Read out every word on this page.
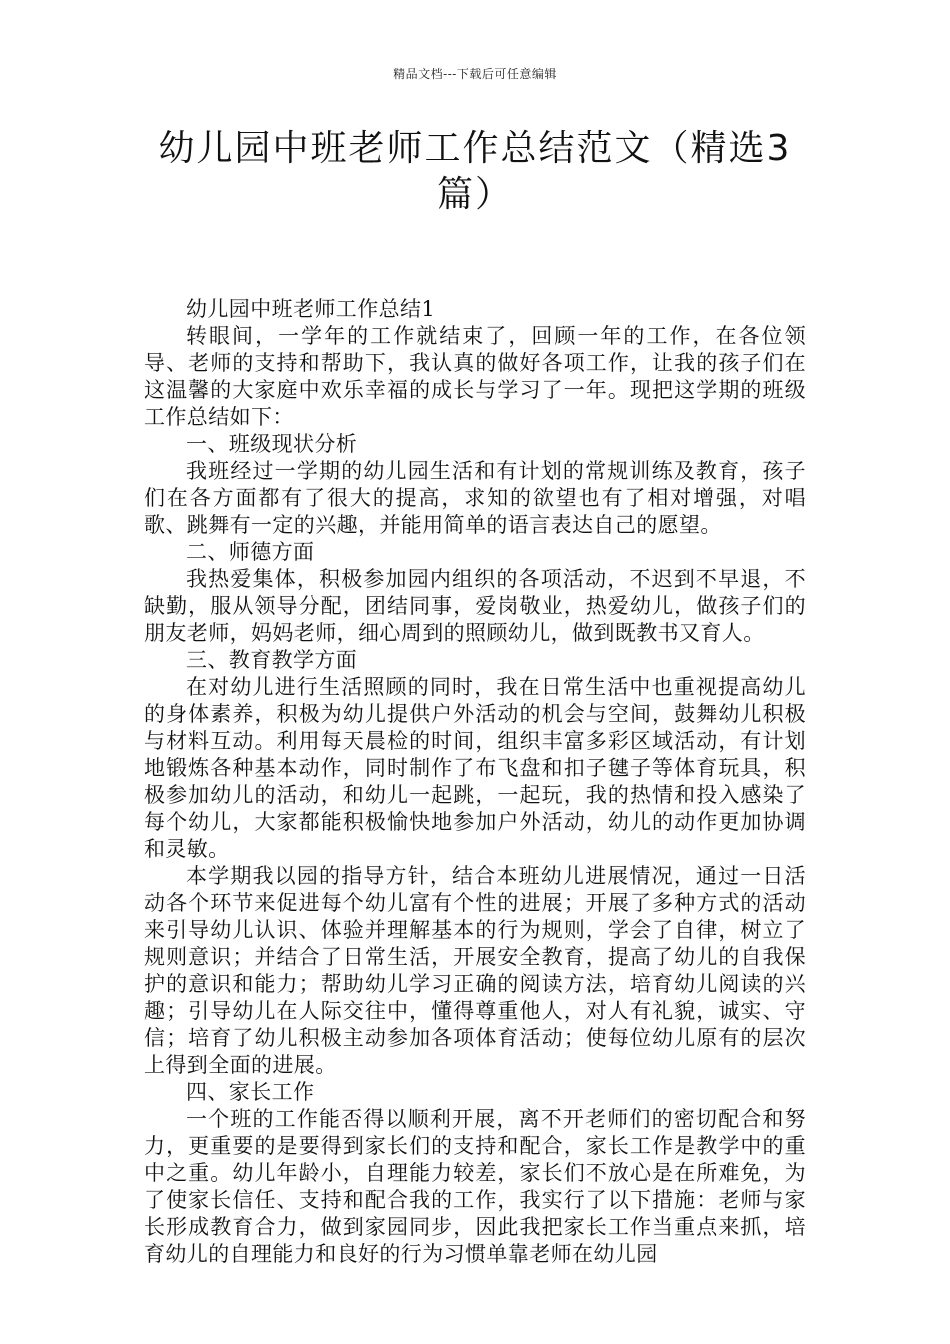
精品文档---下载后可任意编辑
幼儿园中班老师工作总结范文（精选3篇）

幼儿园中班老师工作总结1

转眼间，一学年的工作就结束了，回顾一年的工作，在各位领导、老师的支持和帮助下，我认真的做好各项工作，让我的孩子们在这温馨的大家庭中欢乐幸福的成长与学习了一年。现把这学期的班级工作总结如下：

一、班级现状分析

我班经过一学期的幼儿园生活和有计划的常规训练及教育，孩子们在各方面都有了很大的提高，求知的欲望也有了相对增强，对唱歌、跳舞有一定的兴趣，并能用简单的语言表达自己的愿望。

二、师德方面

我热爱集体，积极参加园内组织的各项活动，不迟到不早退，不缺勤，服从领导分配，团结同事，爱岗敬业，热爱幼儿，做孩子们的朋友老师，妈妈老师，细心周到的照顾幼儿，做到既教书又育人。

三、教育教学方面

在对幼儿进行生活照顾的同时，我在日常生活中也重视提高幼儿的身体素养，积极为幼儿提供户外活动的机会与空间，鼓舞幼儿积极与材料互动。利用每天晨检的时间，组织丰富多彩区域活动，有计划地锻炼各种基本动作，同时制作了布飞盘和扣子毽子等体育玩具，积极参加幼儿的活动，和幼儿一起跳，一起玩，我的热情和投入感染了每个幼儿，大家都能积极愉快地参加户外活动，幼儿的动作更加协调和灵敏。

本学期我以园的指导方针，结合本班幼儿进展情况，通过一日活动各个环节来促进每个幼儿富有个性的进展；开展了多种方式的活动来引导幼儿认识、体验并理解基本的行为规则，学会了自律，树立了规则意识；并结合了日常生活，开展安全教育，提高了幼儿的自我保护的意识和能力；帮助幼儿学习正确的阅读方法，培育幼儿阅读的兴趣；引导幼儿在人际交往中，懂得尊重他人，对人有礼貌，诚实、守信；培育了幼儿积极主动参加各项体育活动；使每位幼儿原有的层次上得到全面的进展。

四、家长工作

一个班的工作能否得以顺利开展，离不开老师们的密切配合和努力，更重要的是要得到家长们的支持和配合，家长工作是教学中的重中之重。幼儿年龄小，自理能力较差，家长们不放心是在所难免，为了使家长信任、支持和配合我的工作，我实行了以下措施：老师与家长形成教育合力，做到家园同步，因此我把家长工作当重点来抓，培育幼儿的自理能力和良好的行为习惯单靠老师在幼儿园
